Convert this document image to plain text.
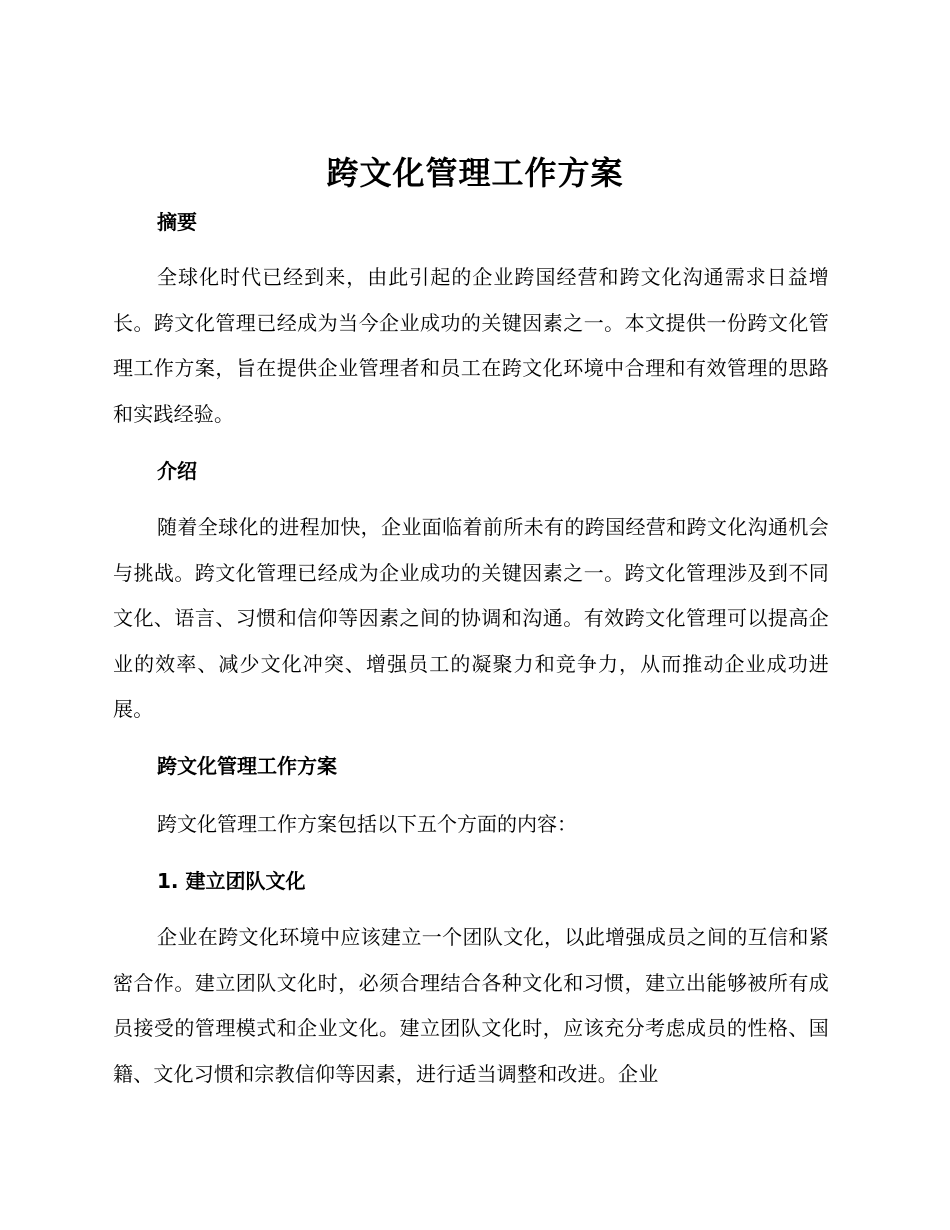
跨文化管理工作方案
摘要

全球化时代已经到来，由此引起的企业跨国经营和跨文化沟通需求日益增长。跨文化管理已经成为当今企业成功的关键因素之一。本文提供一份跨文化管理工作方案，旨在提供企业管理者和员工在跨文化环境中合理和有效管理的思路和实践经验。

介绍

随着全球化的进程加快，企业面临着前所未有的跨国经营和跨文化沟通机会与挑战。跨文化管理已经成为企业成功的关键因素之一。跨文化管理涉及到不同文化、语言、习惯和信仰等因素之间的协调和沟通。有效跨文化管理可以提高企业的效率、减少文化冲突、增强员工的凝聚力和竞争力，从而推动企业成功进展。

跨文化管理工作方案
跨文化管理工作方案包括以下五个方面的内容：
1. 建立团队文化

企业在跨文化环境中应该建立一个团队文化，以此增强成员之间的互信和紧密合作。建立团队文化时，必须合理结合各种文化和习惯，建立出能够被所有成员接受的管理模式和企业文化。建立团队文化时，应该充分考虑成员的性格、国籍、文化习惯和宗教信仰等因素，进行适当调整和改进。企业
